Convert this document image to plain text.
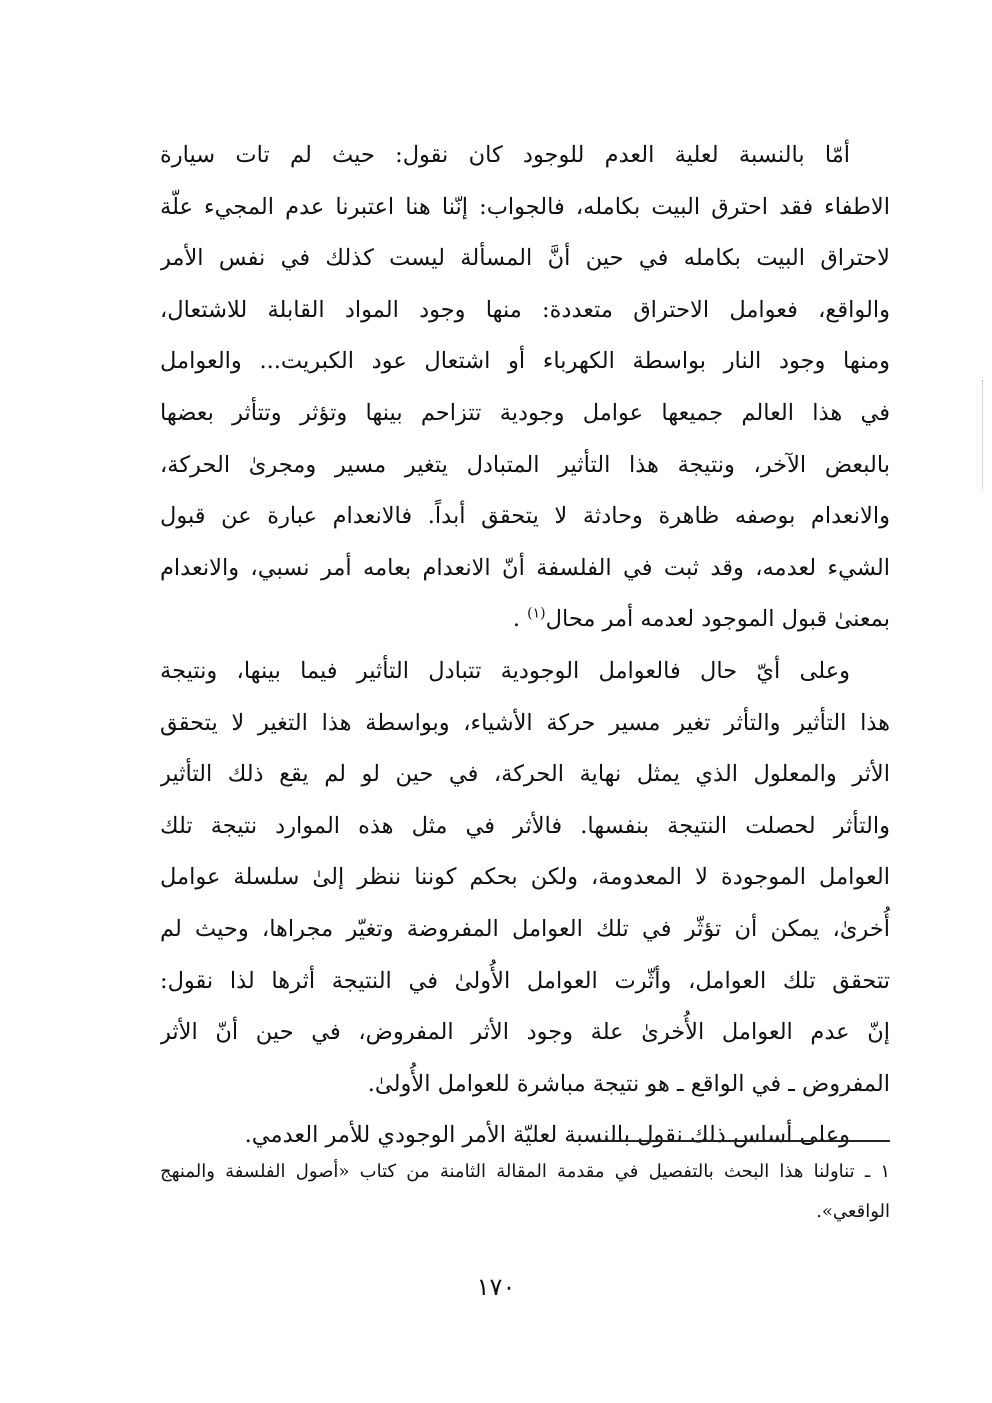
أمّا بالنسبة لعلية العدم للوجود كان نقول: حيث لم تات سيارة
الاطفاء فقد احترق البيت بكامله، فالجواب: إنّنا هنا اعتبرنا عدم المجيء علّة
لاحتراق البيت بكامله في حين أنَّ المسألة ليست كذلك في نفس الأمر
والواقع، فعوامل الاحتراق متعددة: منها وجود المواد القابلة للاشتعال،
ومنها وجود النار بواسطة الكهرباء أو اشتعال عود الكبريت... والعوامل
في هذا العالم جميعها عوامل وجودية تتزاحم بينها وتؤثر وتتأثر بعضها
بالبعض الآخر، ونتيجة هذا التأثير المتبادل يتغير مسير ومجرىٰ الحركة،
والانعدام بوصفه ظاهرة وحادثة لا يتحقق أبداً. فالانعدام عبارة عن قبول
الشيء لعدمه، وقد ثبت في الفلسفة أنّ الانعدام بعامه أمر نسبي، والانعدام
بمعنىٰ قبول الموجود لعدمه أمر محال$^{(١)}$ .
وعلى أيّ حال فالعوامل الوجودية تتبادل التأثير فيما بينها، ونتيجة
هذا التأثير والتأثر تغير مسير حركة الأشياء، وبواسطة هذا التغير لا يتحقق
الأثر والمعلول الذي يمثل نهاية الحركة، في حين لو لم يقع ذلك التأثير
والتأثر لحصلت النتيجة بنفسها. فالأثر في مثل هذه الموارد نتيجة تلك
العوامل الموجودة لا المعدومة، ولكن بحكم كوننا ننظر إلىٰ سلسلة عوامل
أُخرىٰ، يمكن أن تؤثّر في تلك العوامل المفروضة وتغيّر مجراها، وحيث لم
تتحقق تلك العوامل، وأثّرت العوامل الأُولىٰ في النتيجة أثرها لذا نقول:
إنّ عدم العوامل الأُخرىٰ علة وجود الأثر المفروض، في حين أنّ الأثر
المفروض ـ في الواقع ـ هو نتيجة مباشرة للعوامل الأُولىٰ.
وعلى أساس ذلك نقول بالنسبة لعليّة الأمر الوجودي للأمر العدمي.
١ ـ تناولنا هذا البحث بالتفصيل في مقدمة المقالة الثامنة من كتاب «أصول الفلسفة والمنهج
الواقعي».
١٧٠
